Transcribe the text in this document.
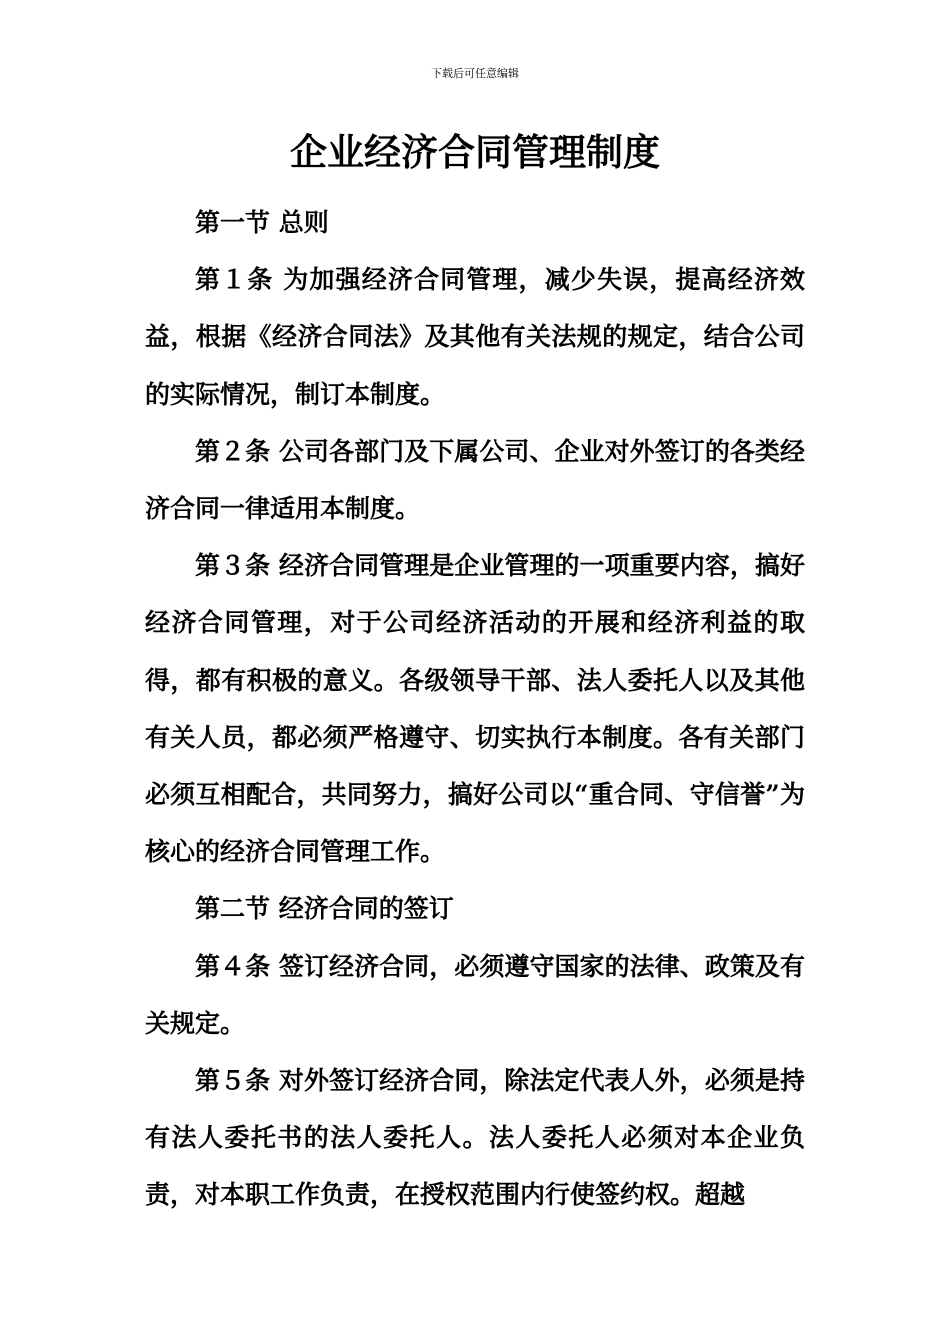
下载后可任意编辑
企业经济合同管理制度

第一节 总则

第１条 为加强经济合同管理，减少失误，提高经济效益，根据《经济合同法》及其他有关法规的规定，结合公司的实际情况，制订本制度。

第２条 公司各部门及下属公司、企业对外签订的各类经济合同一律适用本制度。

第３条 经济合同管理是企业管理的一项重要内容，搞好经济合同管理，对于公司经济活动的开展和经济利益的取得，都有积极的意义。各级领导干部、法人委托人以及其他有关人员，都必须严格遵守、切实执行本制度。各有关部门必须互相配合，共同努力，搞好公司以“重合同、守信誉”为核心的经济合同管理工作。

第二节 经济合同的签订

第４条 签订经济合同，必须遵守国家的法律、政策及有关规定。

第５条 对外签订经济合同，除法定代表人外，必须是持有法人委托书的法人委托人。法人委托人必须对本企业负责，对本职工作负责，在授权范围内行使签约权。超越
